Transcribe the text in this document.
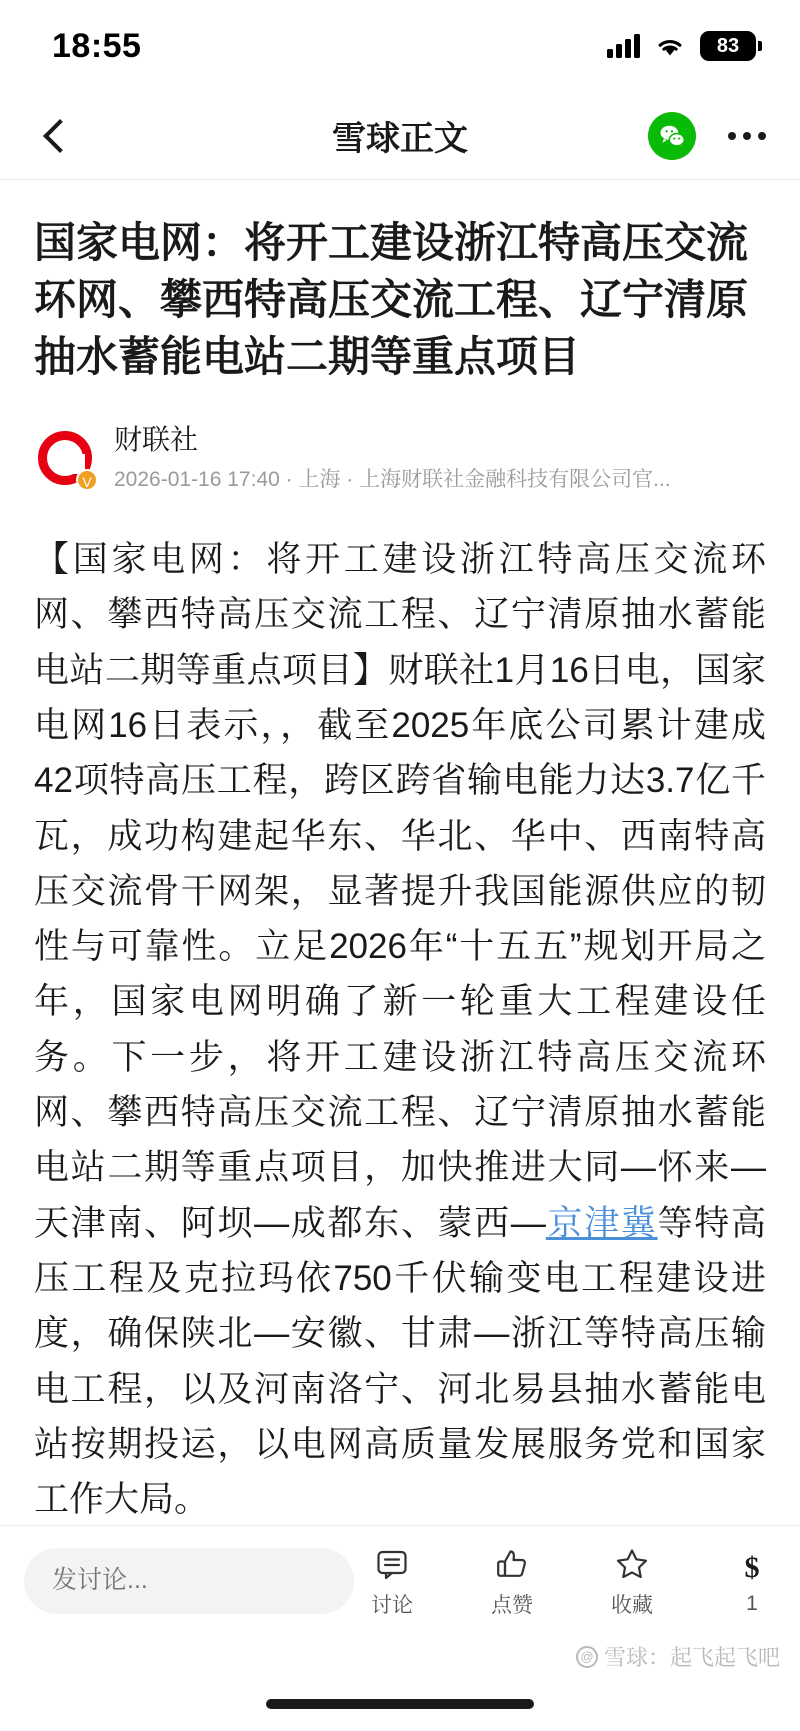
18:55	83
雪球正文
国家电网：将开工建设浙江特高压交流环网、攀西特高压交流工程、辽宁清原抽水蓄能电站二期等重点项目
V
财联社
2026-01-16 17:40 · 上海 · 上海财联社金融科技有限公司官...
【国家电网：将开工建设浙江特高压交流环网、攀西特高压交流工程、辽宁清原抽水蓄能电站二期等重点项目】财联社1月16日电，国家电网16日表示，，截至2025年底公司累计建成42项特高压工程，跨区跨省输电能力达3.7亿千瓦，成功构建起华东、华北、华中、西南特高压交流骨干网架，显著提升我国能源供应的韧性与可靠性。立足2026年“十五五”规划开局之年，国家电网明确了新一轮重大工程建设任务。下一步，将开工建设浙江特高压交流环网、攀西特高压交流工程、辽宁清原抽水蓄能电站二期等重点项目，加快推进大同—怀来—天津南、阿坝—成都东、蒙西—京津冀等特高压工程及克拉玛依750千伏输变电工程建设进度，确保陕北—安徽、甘肃—浙江等特高压输电工程，以及河南洛宁、河北易县抽水蓄能电站按期投运，以电网高质量发展服务党和国家工作大局。
发讨论...
讨论	点赞	收藏
$
1
@ 雪球：起飞起飞吧
